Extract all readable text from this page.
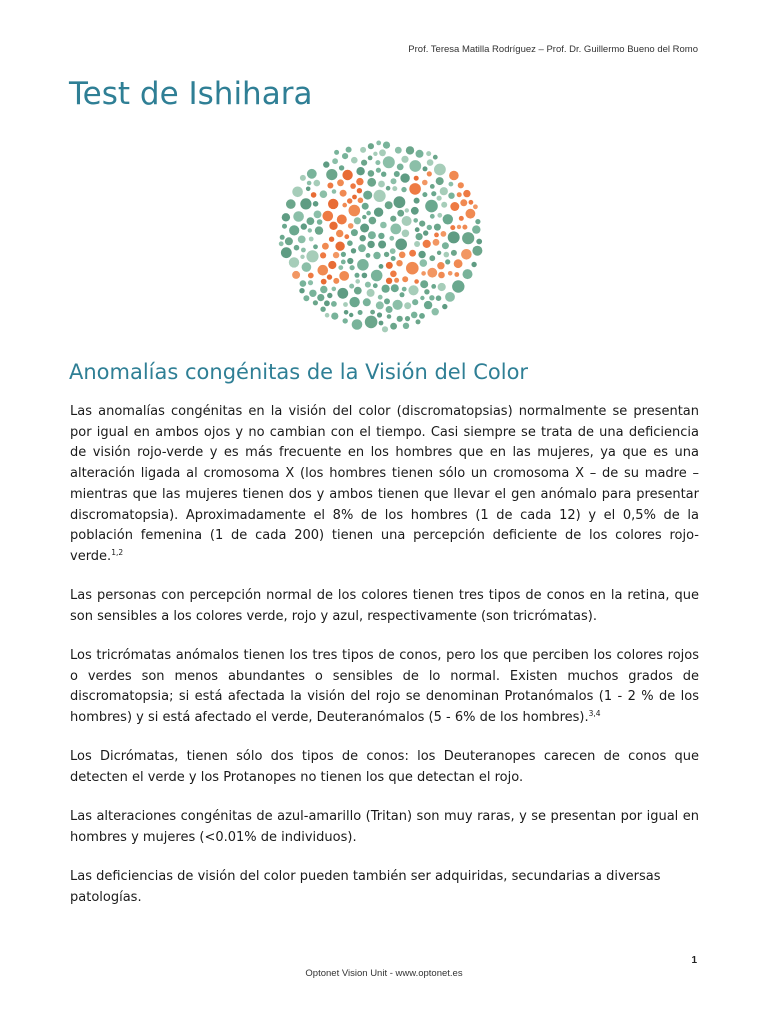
Prof. Teresa Matilla Rodríguez – Prof. Dr. Guillermo Bueno del Romo
Test de Ishihara
Anomalías congénitas de la Visión del Color

Las anomalías congénitas en la visión del color (discromatopsias) normalmente se presentan por igual en ambos ojos y no cambian con el tiempo. Casi siempre se trata de una deficiencia de visión rojo-verde y es más frecuente en los hombres que en las mujeres, ya que es una alteración ligada al cromosoma X (los hombres tienen sólo un cromosoma X – de su madre – mientras que las mujeres tienen dos y ambos tienen que llevar el gen anómalo para presentar discromatopsia). Aproximadamente el 8% de los hombres (1 de cada 12) y el 0,5% de la población femenina (1 de cada 200) tienen una percepción deficiente de los colores rojo-verde.$^{1,2}$

Las personas con percepción normal de los colores tienen tres tipos de conos en la retina, que son sensibles a los colores verde, rojo y azul, respectivamente (son tricrómatas).

Los tricrómatas anómalos tienen los tres tipos de conos, pero los que perciben los colores rojos o verdes son menos abundantes o sensibles de lo normal. Existen muchos grados de discromatopsia; si está afectada la visión del rojo se denominan Protanómalos (1 - 2 % de los hombres) y si está afectado el verde, Deuteranómalos (5 - 6% de los hombres).$^{3,4}$

Los Dicrómatas, tienen sólo dos tipos de conos: los Deuteranopes carecen de conos que detecten el verde y los Protanopes no tienen los que detectan el rojo.

Las alteraciones congénitas de azul-amarillo (Tritan) son muy raras, y se presentan por igual en hombres y mujeres (<0.01% de individuos).

Las deficiencias de visión del color pueden también ser adquiridas, secundarias a diversas patologías.

1
Optonet Vision Unit - www.optonet.es
